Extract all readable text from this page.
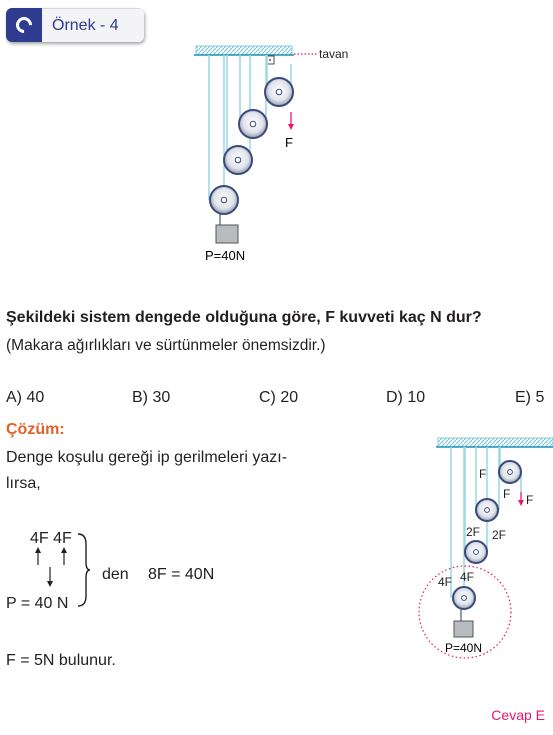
Örnek - 4
tavan
F
P=40N
Şekildeki sistem dengede olduğuna göre, F kuvveti kaç N dur?
(Makara ağırlıkları ve sürtünmeler önemsizdir.)
A) 40	B) 30	C) 20	D) 10	E) 5
Çözüm:
Denge koşulu gereği ip gerilmeleri yazı-
lırsa,
4F 4F
den 8F = 40N
P = 40 N
F = 5N bulunur.
F
F F
2F 2F
4F 4F
P=40N
Cevap E
